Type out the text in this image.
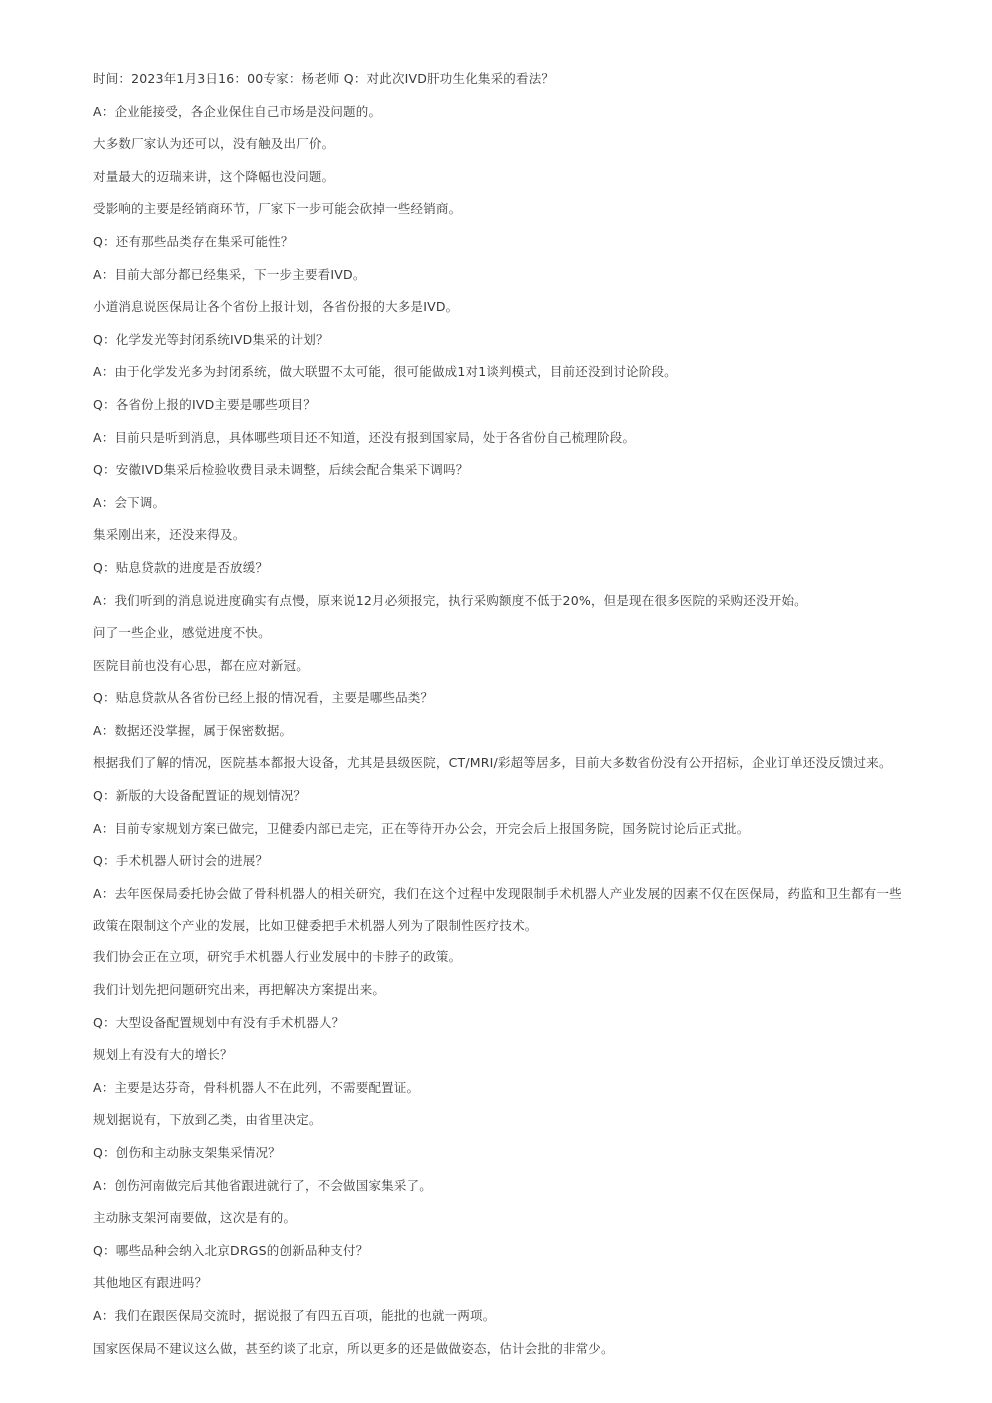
时间：2023年1月3日16：00专家：杨老师 Q：对此次IVD肝功生化集采的看法？

A：企业能接受，各企业保住自己市场是没问题的。

大多数厂家认为还可以，没有触及出厂价。

对量最大的迈瑞来讲，这个降幅也没问题。

受影响的主要是经销商环节，厂家下一步可能会砍掉一些经销商。

Q：还有那些品类存在集采可能性？

A：目前大部分都已经集采，下一步主要看IVD。

小道消息说医保局让各个省份上报计划，各省份报的大多是IVD。

Q：化学发光等封闭系统IVD集采的计划？

A：由于化学发光多为封闭系统，做大联盟不太可能，很可能做成1对1谈判模式，目前还没到讨论阶段。

Q：各省份上报的IVD主要是哪些项目？

A：目前只是听到消息，具体哪些项目还不知道，还没有报到国家局，处于各省份自己梳理阶段。

Q：安徽IVD集采后检验收费目录未调整，后续会配合集采下调吗？

A：会下调。

集采刚出来，还没来得及。

Q：贴息贷款的进度是否放缓？

A：我们听到的消息说进度确实有点慢，原来说12月必须报完，执行采购额度不低于20%，但是现在很多医院的采购还没开始。

问了一些企业，感觉进度不快。

医院目前也没有心思，都在应对新冠。

Q：贴息贷款从各省份已经上报的情况看，主要是哪些品类？

A：数据还没掌握，属于保密数据。

根据我们了解的情况，医院基本都报大设备，尤其是县级医院，CT/MRI/彩超等居多，目前大多数省份没有公开招标，企业订单还没反馈过来。

Q：新版的大设备配置证的规划情况？

A：目前专家规划方案已做完，卫健委内部已走完，正在等待开办公会，开完会后上报国务院，国务院讨论后正式批。

Q：手术机器人研讨会的进展？

A：去年医保局委托协会做了骨科机器人的相关研究，我们在这个过程中发现限制手术机器人产业发展的因素不仅在医保局，药监和卫生都有一些

政策在限制这个产业的发展，比如卫健委把手术机器人列为了限制性医疗技术。

我们协会正在立项，研究手术机器人行业发展中的卡脖子的政策。

我们计划先把问题研究出来，再把解决方案提出来。

Q：大型设备配置规划中有没有手术机器人？

规划上有没有大的增长？

A：主要是达芬奇，骨科机器人不在此列，不需要配置证。

规划据说有，下放到乙类，由省里决定。

Q：创伤和主动脉支架集采情况？

A：创伤河南做完后其他省跟进就行了，不会做国家集采了。

主动脉支架河南要做，这次是有的。

Q：哪些品种会纳入北京DRGS的创新品种支付？

其他地区有跟进吗？

A：我们在跟医保局交流时，据说报了有四五百项，能批的也就一两项。

国家医保局不建议这么做，甚至约谈了北京，所以更多的还是做做姿态，估计会批的非常少。
